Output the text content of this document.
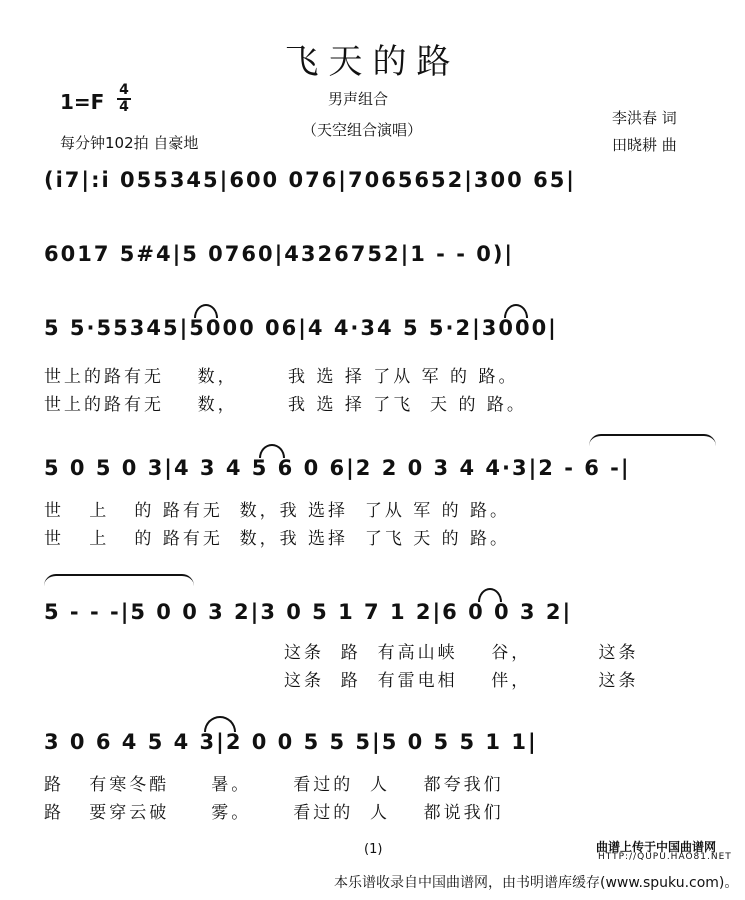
飞天的路
男声组合
（天空组合演唱）
$1=F \frac{4}{4}$
每分钟102拍 自豪地
李洪春 词
田晓耕 曲
(i7|:i 055345|600 076|7065652|300 65|
6017 5#4|5 0760|4326752|1 - - 0)|
5 5·55345|5000 06|4 4·34 5 5·2|3000|
世上的路有无    数，      我 选 择 了从 军 的 路。
世上的路有无    数，      我 选 择 了飞  天 的 路。
5 0 5 0 3|4 3 4 5 6 0 6|2 2 0 3 4 4·3|2 - 6 -|
世   上   的 路有无  数，我 选择  了从 军 的 路。
世   上   的 路有无  数，我 选择  了飞 天 的 路。
5 - - -|5 0 0 3 2|3 0 5 1 7 1 2|6 0 0 3 2|
这条  路  有高山峡    谷，        这条
这条  路  有雷电相    伴，        这条
3 0 6 4 5 4 3|2 0 0 5 5 5|5 0 5 5 1 1|
路   有寒冬酷     暑。     看过的  人    都夸我们
路   要穿云破     雾。     看过的  人    都说我们
(1)	曲谱上传于中国曲谱网
HTTP://QUPU.HAO81.NET
本乐谱收录自中国曲谱网，由书明谱库缓存(www.spuku.com)。
